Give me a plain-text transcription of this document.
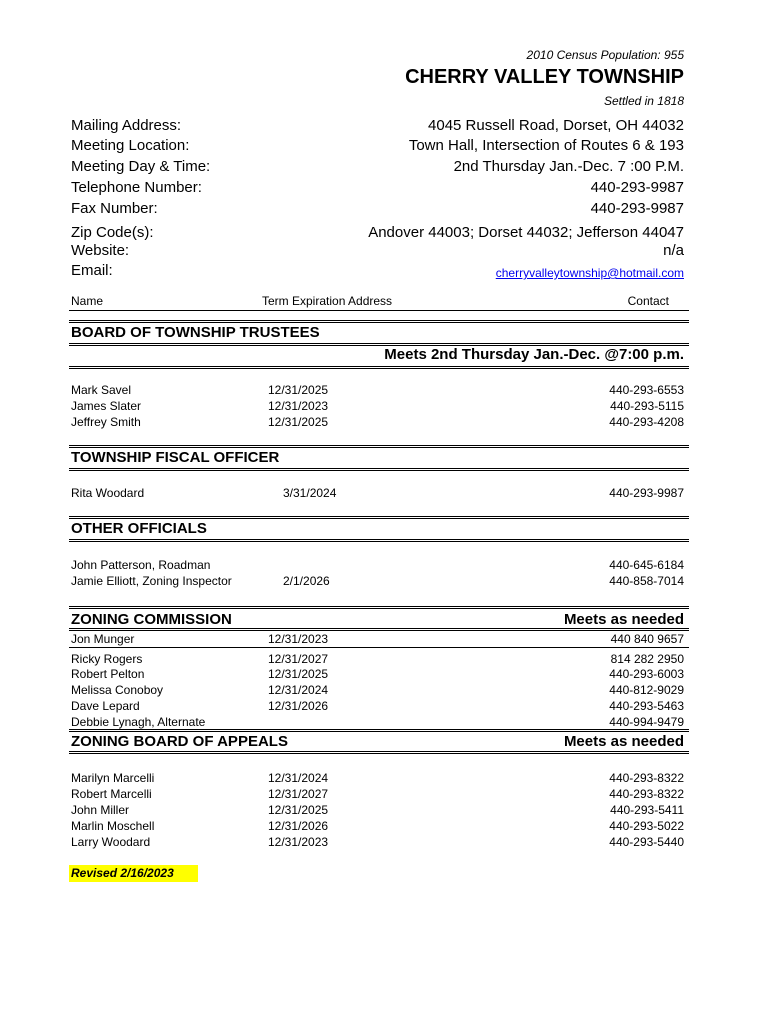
2010 Census Population: 955
CHERRY VALLEY TOWNSHIP
Settled in 1818
Mailing Address:	4045 Russell Road, Dorset, OH 44032
Meeting Location:	Town Hall, Intersection of Routes 6 & 193
Meeting Day & Time:	2nd Thursday Jan.-Dec. 7 :00 P.M.
Telephone Number:	440-293-9987
Fax Number:	440-293-9987
Zip Code(s):	Andover 44003; Dorset 44032; Jefferson 44047
Website:	n/a
Email:	cherryvalleytownship@hotmail.com
Name	Term Expiration Address	Contact
BOARD OF TOWNSHIP TRUSTEES
Meets 2nd Thursday Jan.-Dec. @7:00 p.m.
Mark Savel	12/31/2025	440-293-6553
James Slater	12/31/2023	440-293-5115
Jeffrey Smith	12/31/2025	440-293-4208
TOWNSHIP FISCAL OFFICER
Rita Woodard	3/31/2024	440-293-9987
OTHER OFFICIALS
John Patterson, Roadman	440-645-6184
Jamie Elliott, Zoning Inspector	2/1/2026	440-858-7014
ZONING COMMISSION	Meets as needed
Jon Munger	12/31/2023	440 840 9657
Ricky Rogers	12/31/2027	814 282 2950
Robert Pelton	12/31/2025	440-293-6003
Melissa Conoboy	12/31/2024	440-812-9029
Dave Lepard	12/31/2026	440-293-5463
Debbie Lynagh, Alternate	440-994-9479
ZONING BOARD OF APPEALS	Meets as needed
Marilyn Marcelli	12/31/2024	440-293-8322
Robert Marcelli	12/31/2027	440-293-8322
John Miller	12/31/2025	440-293-5411
Marlin Moschell	12/31/2026	440-293-5022
Larry Woodard	12/31/2023	440-293-5440
Revised 2/16/2023
